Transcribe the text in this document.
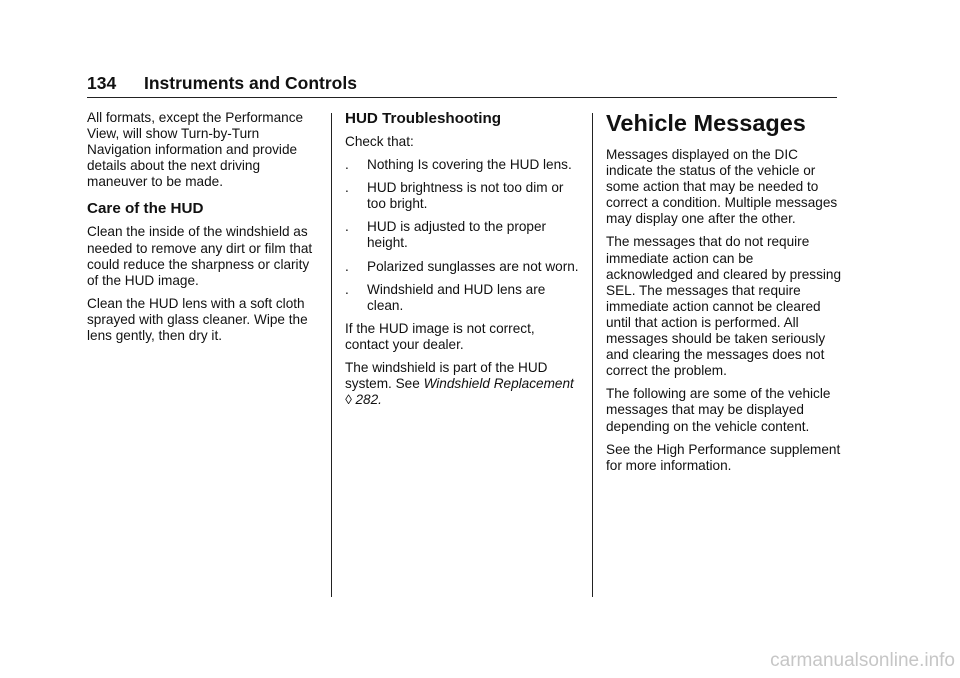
134 Instruments and Controls

All formats, except the Performance View, will show Turn-by-Turn Navigation information and provide details about the next driving maneuver to be made.

Care of the HUD

Clean the inside of the windshield as needed to remove any dirt or film that could reduce the sharpness or clarity of the HUD image.

Clean the HUD lens with a soft cloth sprayed with glass cleaner. Wipe the lens gently, then dry it.

HUD Troubleshooting

Check that:

. Nothing Is covering the HUD lens.
. HUD brightness is not too dim or too bright.
. HUD is adjusted to the proper height.
. Polarized sunglasses are not worn.
. Windshield and HUD lens are clean.

If the HUD image is not correct, contact your dealer.

The windshield is part of the HUD system. See Windshield Replacement ◊ 282.

Vehicle Messages

Messages displayed on the DIC indicate the status of the vehicle or some action that may be needed to correct a condition. Multiple messages may display one after the other.

The messages that do not require immediate action can be acknowledged and cleared by pressing SEL. The messages that require immediate action cannot be cleared until that action is performed. All messages should be taken seriously and clearing the messages does not correct the problem.

The following are some of the vehicle messages that may be displayed depending on the vehicle content.

See the High Performance supplement for more information.

carmanualsonline.info
